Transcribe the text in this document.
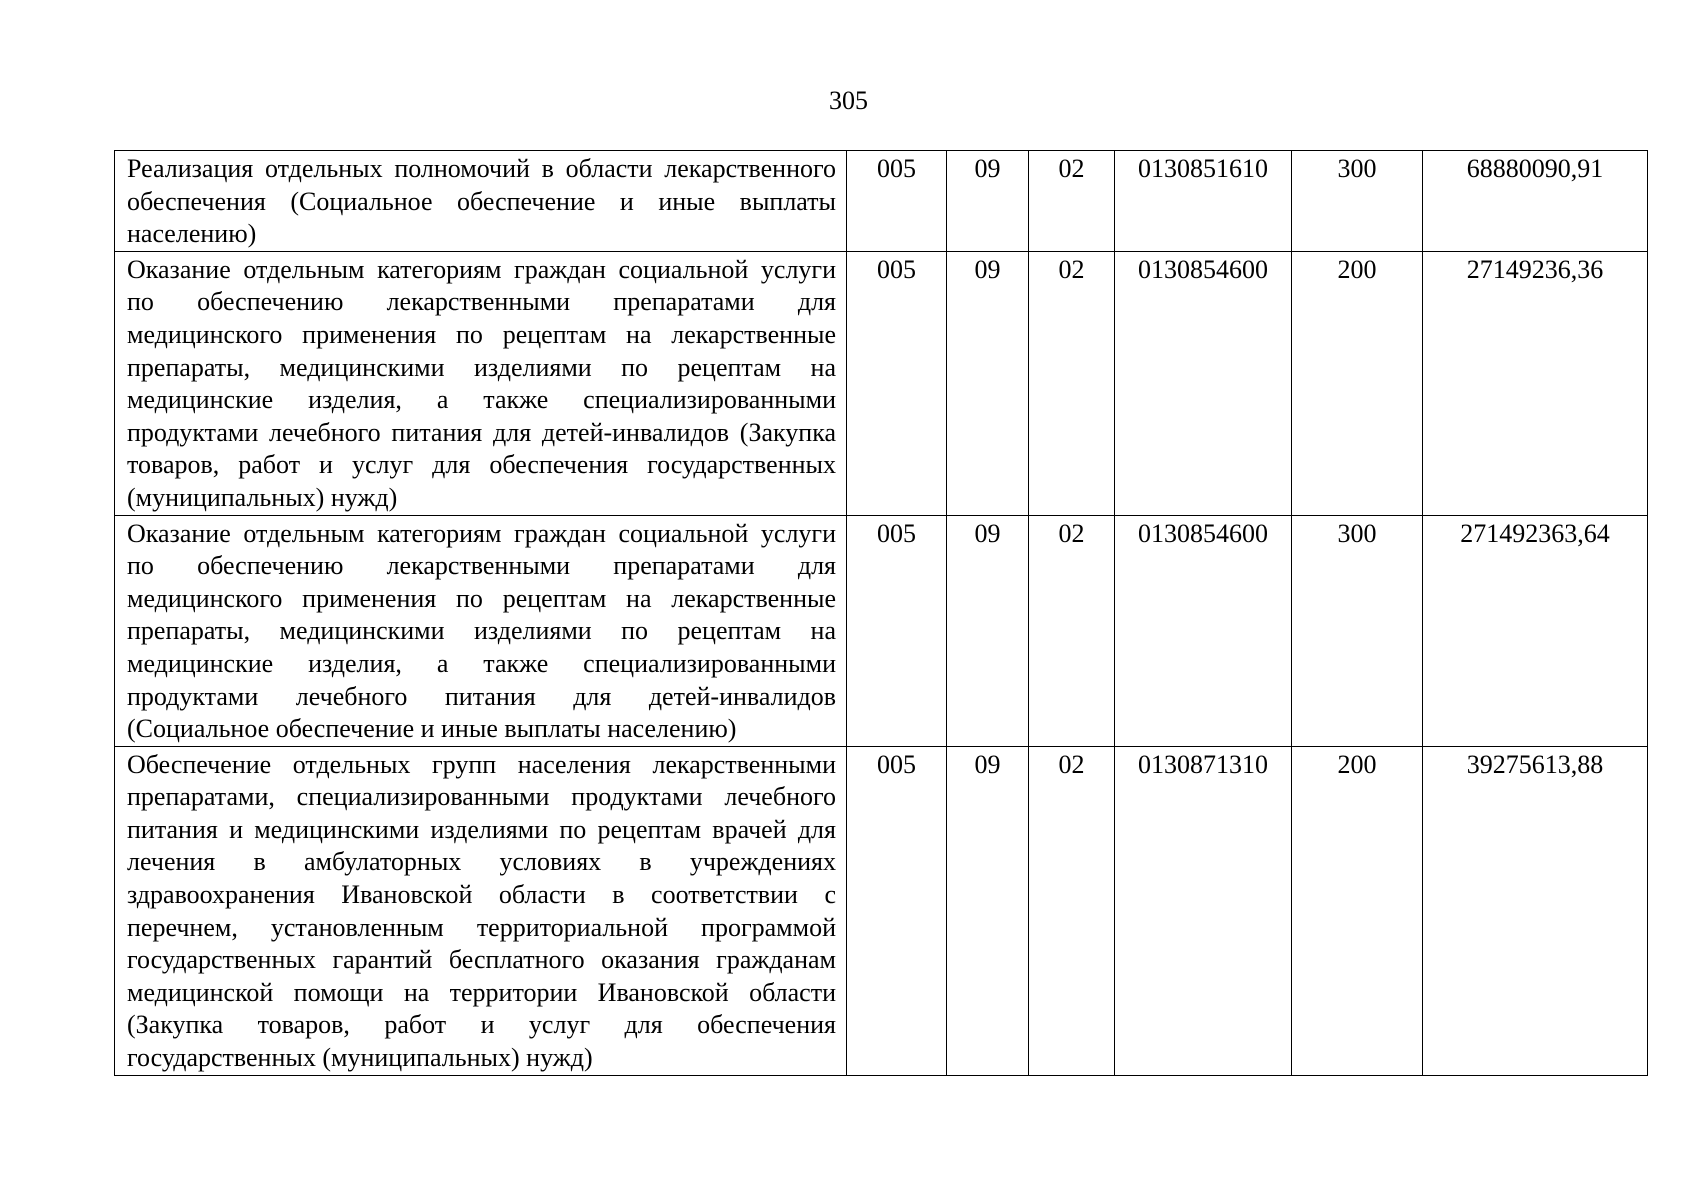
305
Реализация отдельных полномочий в области лекарственного обеспечения (Социальное обеспечение и иные выплаты населению)	005	09	02	0130851610	300	68880090,91
Оказание отдельным категориям граждан социальной услуги по обеспечению лекарственными препаратами для медицинского применения по рецептам на лекарственные препараты, медицинскими изделиями по рецептам на медицинские изделия, а также специализированными продуктами лечебного питания для детей-инвалидов (Закупка товаров, работ и услуг для обеспечения государственных (муниципальных) нужд)	005	09	02	0130854600	200	27149236,36
Оказание отдельным категориям граждан социальной услуги по обеспечению лекарственными препаратами для медицинского применения по рецептам на лекарственные препараты, медицинскими изделиями по рецептам на медицинские изделия, а также специализированными продуктами лечебного питания для детей-инвалидов (Социальное обеспечение и иные выплаты населению)	005	09	02	0130854600	300	271492363,64
Обеспечение отдельных групп населения лекарственными препаратами, специализированными продуктами лечебного питания и медицинскими изделиями по рецептам врачей для лечения в амбулаторных условиях в учреждениях здравоохранения Ивановской области в соответствии с перечнем, установленным территориальной программой государственных гарантий бесплатного оказания гражданам медицинской помощи на территории Ивановской области (Закупка товаров, работ и услуг для обеспечения государственных (муниципальных) нужд)	005	09	02	0130871310	200	39275613,88
